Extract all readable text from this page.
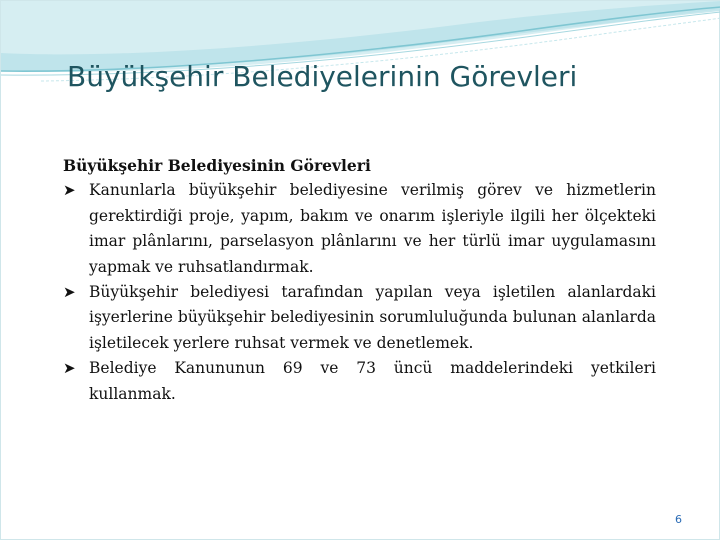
Büyükşehir Belediyelerinin Görevleri

Büyükşehir Belediyesinin Görevleri

➤ Kanunlarla büyükşehir belediyesine verilmiş görev ve hizmetlerin gerektirdiği proje, yapım, bakım ve onarım işleriyle ilgili her ölçekteki imar plânlarını, parselasyon plânlarını ve her türlü imar uygulamasını yapmak ve ruhsatlandırmak.
➤ Büyükşehir belediyesi tarafından yapılan veya işletilen alanlardaki işyerlerine büyükşehir belediyesinin sorumluluğunda bulunan alanlarda işletilecek yerlere ruhsat vermek ve denetlemek.
➤ Belediye Kanununun 69 ve 73 üncü maddelerindeki yetkileri kullanmak.
6
